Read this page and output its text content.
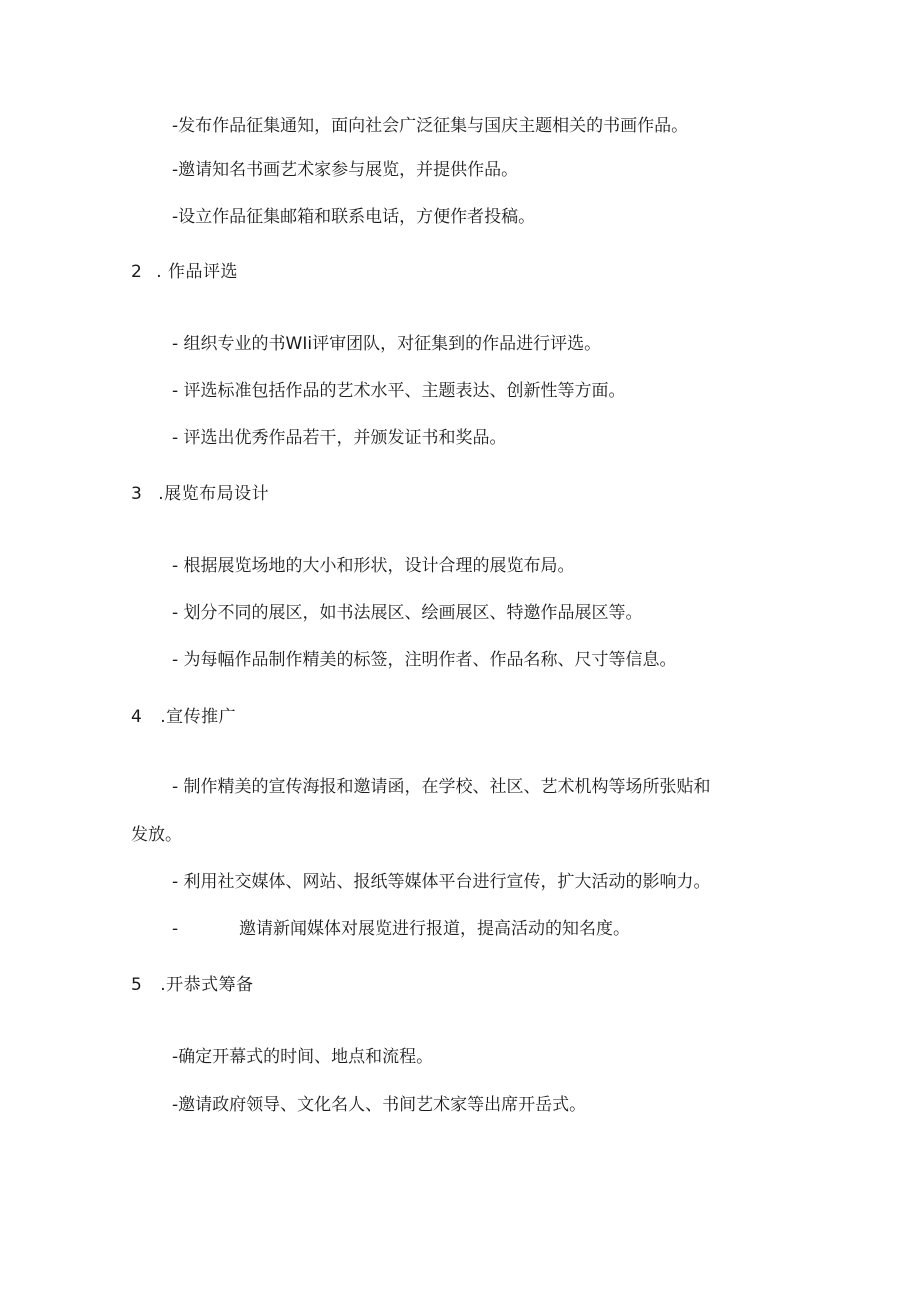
-发布作品征集通知，面向社会广泛征集与国庆主题相关的书画作品。
-邀请知名书画艺术家参与展览，并提供作品。
-设立作品征集邮箱和联系电话，方便作者投稿。
2 . 作品评选
- 组织专业的书WIi评审团队，对征集到的作品进行评选。
- 评选标准包括作品的艺术水平、主题表达、创新性等方面。
- 评选出优秀作品若干，并颁发证书和奖品。
3 .展览布局设计
- 根据展览场地的大小和形状，设计合理的展览布局。
- 划分不同的展区，如书法展区、绘画展区、特邀作品展区等。
- 为每幅作品制作精美的标签，注明作者、作品名称、尺寸等信息。
4 .宣传推广
- 制作精美的宣传海报和邀请函，在学校、社区、艺术机构等场所张贴和
发放。
- 利用社交媒体、网站、报纸等媒体平台进行宣传，扩大活动的影响力。
-	邀请新闻媒体对展览进行报道，提高活动的知名度。
5 .开恭式筹备
-确定开幕式的时间、地点和流程。
-邀请政府领导、文化名人、书间艺术家等出席开岳式。
